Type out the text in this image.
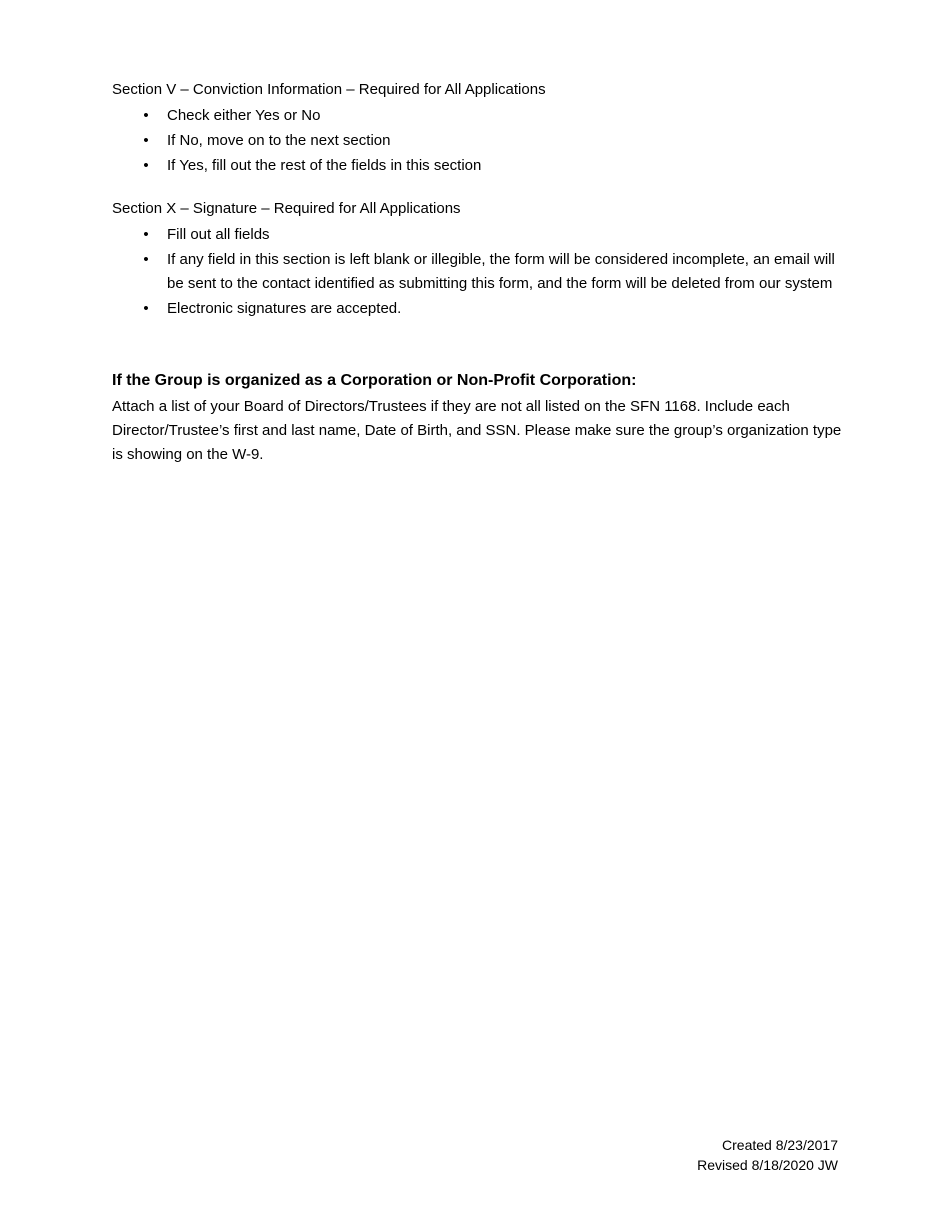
Section V – Conviction Information – Required for All Applications

• Check either Yes or No
• If No, move on to the next section
• If Yes, fill out the rest of the fields in this section

Section X – Signature – Required for All Applications

• Fill out all fields
• If any field in this section is left blank or illegible, the form will be considered incomplete, an email will be sent to the contact identified as submitting this form, and the form will be deleted from our system
• Electronic signatures are accepted.
If the Group is organized as a Corporation or Non-Profit Corporation:

Attach a list of your Board of Directors/Trustees if they are not all listed on the SFN 1168. Include each Director/Trustee’s first and last name, Date of Birth, and SSN. Please make sure the group’s organization type is showing on the W-9.

Created 8/23/2017
Revised 8/18/2020 JW
